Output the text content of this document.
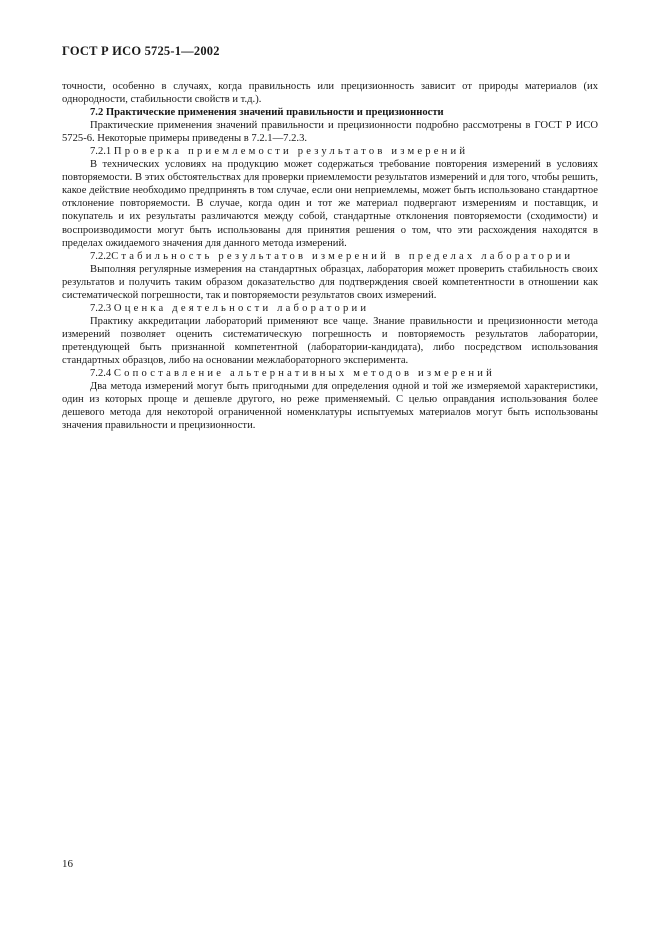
ГОСТ Р ИСО 5725-1—2002

точности, особенно в случаях, когда правильность или прецизионность зависит от природы материалов (их однородности, стабильности свойств и т.д.).

7.2 Практические применения значений правильности и прецизионности

Практические применения значений правильности и прецизионности подробно рассмотрены в ГОСТ Р ИСО 5725-6. Некоторые примеры приведены в 7.2.1—7.2.3.

7.2.1 Проверка приемлемости результатов измерений

В технических условиях на продукцию может содержаться требование повторения измерений в условиях повторяемости. В этих обстоятельствах для проверки приемлемости результатов измерений и для того, чтобы решить, какое действие необходимо предпринять в том случае, если они неприемлемы, может быть использовано стандартное отклонение повторяемости. В случае, когда один и тот же материал подвергают измерениям и поставщик, и покупатель и их результаты различаются между собой, стандартные отклонения повторяемости (сходимости) и воспроизводимости могут быть использованы для принятия решения о том, что эти расхождения находятся в пределах ожидаемого значения для данного метода измерений.

7.2.2Стабильность результатов измерений в пределах лаборатории

Выполняя регулярные измерения на стандартных образцах, лаборатория может проверить стабильность своих результатов и получить таким образом доказательство для подтверждения своей компетентности в отношении как систематической погрешности, так и повторяемости результатов своих измерений.

7.2.3 Оценка деятельности лаборатории

Практику аккредитации лабораторий применяют все чаще. Знание правильности и прецизионности метода измерений позволяет оценить систематическую погрешность и повторяемость результатов лаборатории, претендующей быть признанной компетентной (лаборатории-кандидата), либо посредством использования стандартных образцов, либо на основании межлабораторного эксперимента.

7.2.4 Сопоставление альтернативных методов измерений

Два метода измерений могут быть пригодными для определения одной и той же измеряемой характеристики, один из которых проще и дешевле другого, но реже применяемый. С целью оправдания использования более дешевого метода для некоторой ограниченной номенклатуры испытуемых материалов могут быть использованы значения правильности и прецизионности.

16
